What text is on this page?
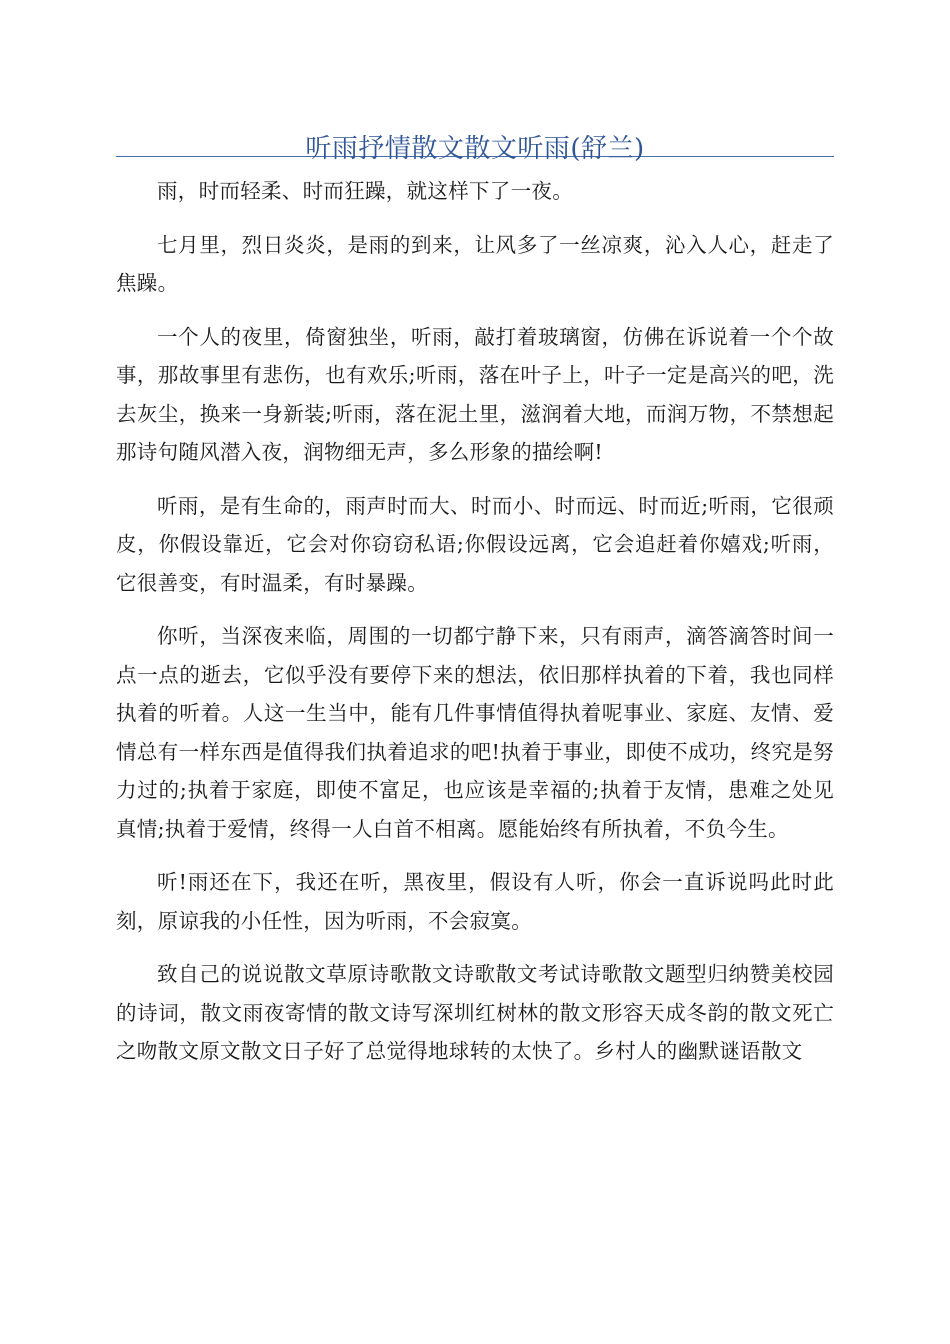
听雨抒情散文散文听雨(舒兰)

雨，时而轻柔、时而狂躁，就这样下了一夜。

七月里，烈日炎炎，是雨的到来，让风多了一丝凉爽，沁入人心，赶走了焦躁。

一个人的夜里，倚窗独坐，听雨，敲打着玻璃窗，仿佛在诉说着一个个故事，那故事里有悲伤，也有欢乐;听雨，落在叶子上，叶子一定是高兴的吧，洗去灰尘，换来一身新装;听雨，落在泥土里，滋润着大地，而润万物，不禁想起那诗句随风潜入夜，润物细无声，多么形象的描绘啊!

听雨，是有生命的，雨声时而大、时而小、时而远、时而近;听雨，它很顽皮，你假设靠近，它会对你窃窃私语;你假设远离，它会追赶着你嬉戏;听雨，它很善变，有时温柔，有时暴躁。

你听，当深夜来临，周围的一切都宁静下来，只有雨声，滴答滴答时间一点一点的逝去，它似乎没有要停下来的想法，依旧那样执着的下着，我也同样执着的听着。人这一生当中，能有几件事情值得执着呢事业、家庭、友情、爱情总有一样东西是值得我们执着追求的吧!执着于事业，即使不成功，终究是努力过的;执着于家庭，即使不富足，也应该是幸福的;执着于友情，患难之处见真情;执着于爱情，终得一人白首不相离。愿能始终有所执着，不负今生。

听!雨还在下，我还在听，黑夜里，假设有人听，你会一直诉说吗此时此刻，原谅我的小任性，因为听雨，不会寂寞。

致自己的说说散文草原诗歌散文诗歌散文考试诗歌散文题型归纳赞美校园的诗词，散文雨夜寄情的散文诗写深圳红树林的散文形容天成冬韵的散文死亡之吻散文原文散文日子好了总觉得地球转的太快了。乡村人的幽默谜语散文
